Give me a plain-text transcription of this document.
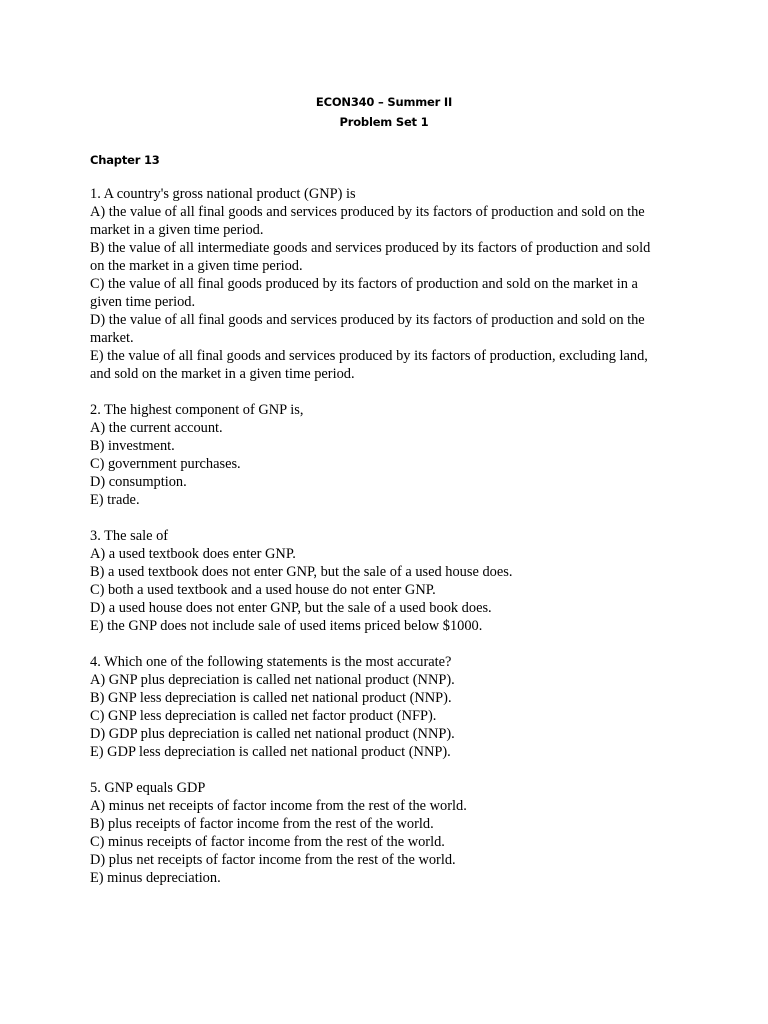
ECON340 – Summer II
Problem Set 1
Chapter 13
1. A country's gross national product (GNP) is
A) the value of all final goods and services produced by its factors of production and sold on the
market in a given time period.
B) the value of all intermediate goods and services produced by its factors of production and sold
on the market in a given time period.
C) the value of all final goods produced by its factors of production and sold on the market in a
given time period.
D) the value of all final goods and services produced by its factors of production and sold on the
market.
E) the value of all final goods and services produced by its factors of production, excluding land,
and sold on the market in a given time period.
2. The highest component of GNP is,
A) the current account.
B) investment.
C) government purchases.
D) consumption.
E) trade.
3. The sale of
A) a used textbook does enter GNP.
B) a used textbook does not enter GNP, but the sale of a used house does.
C) both a used textbook and a used house do not enter GNP.
D) a used house does not enter GNP, but the sale of a used book does.
E) the GNP does not include sale of used items priced below $1000.
4. Which one of the following statements is the most accurate?
A) GNP plus depreciation is called net national product (NNP).
B) GNP less depreciation is called net national product (NNP).
C) GNP less depreciation is called net factor product (NFP).
D) GDP plus depreciation is called net national product (NNP).
E) GDP less depreciation is called net national product (NNP).
5. GNP equals GDP
A) minus net receipts of factor income from the rest of the world.
B) plus receipts of factor income from the rest of the world.
C) minus receipts of factor income from the rest of the world.
D) plus net receipts of factor income from the rest of the world.
E) minus depreciation.
